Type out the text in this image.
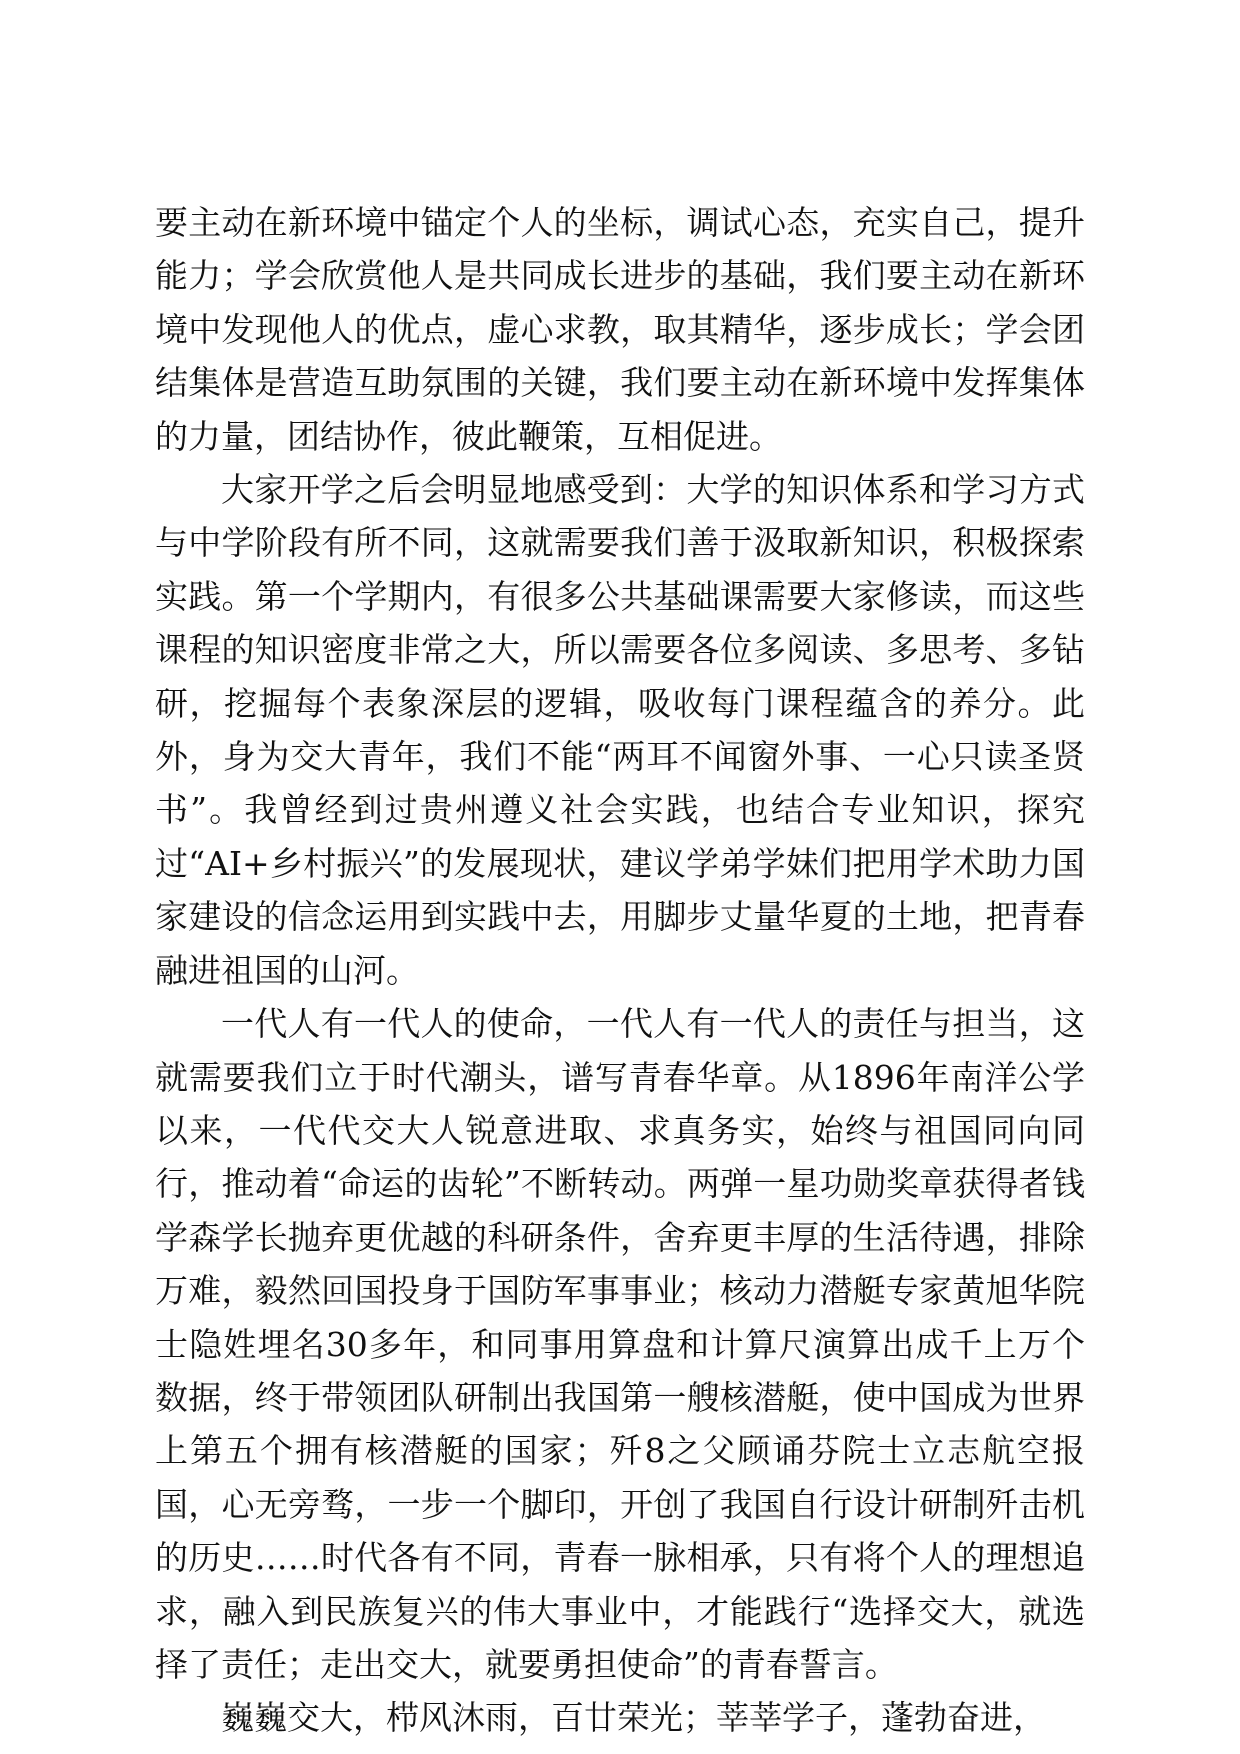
要主动在新环境中锚定个人的坐标，调试心态，充实自己，提升能力；学会欣赏他人是共同成长进步的基础，我们要主动在新环境中发现他人的优点，虚心求教，取其精华，逐步成长；学会团结集体是营造互助氛围的关键，我们要主动在新环境中发挥集体的力量，团结协作，彼此鞭策，互相促进。

大家开学之后会明显地感受到：大学的知识体系和学习方式与中学阶段有所不同，这就需要我们善于汲取新知识，积极探索实践。第一个学期内，有很多公共基础课需要大家修读，而这些课程的知识密度非常之大，所以需要各位多阅读、多思考、多钻研，挖掘每个表象深层的逻辑，吸收每门课程蕴含的养分。此外，身为交大青年，我们不能“两耳不闻窗外事、一心只读圣贤书”。我曾经到过贵州遵义社会实践，也结合专业知识，探究过“AI+乡村振兴”的发展现状，建议学弟学妹们把用学术助力国家建设的信念运用到实践中去，用脚步丈量华夏的土地，把青春融进祖国的山河。

一代人有一代人的使命，一代人有一代人的责任与担当，这就需要我们立于时代潮头，谱写青春华章。从1896年南洋公学以来，一代代交大人锐意进取、求真务实，始终与祖国同向同行，推动着“命运的齿轮”不断转动。两弹一星功勋奖章获得者钱学森学长抛弃更优越的科研条件，舍弃更丰厚的生活待遇，排除万难，毅然回国投身于国防军事事业；核动力潜艇专家黄旭华院士隐姓埋名30多年，和同事用算盘和计算尺演算出成千上万个数据，终于带领团队研制出我国第一艘核潜艇，使中国成为世界上第五个拥有核潜艇的国家；歼8之父顾诵芬院士立志航空报国，心无旁骛，一步一个脚印，开创了我国自行设计研制歼击机的历史……时代各有不同，青春一脉相承，只有将个人的理想追求，融入到民族复兴的伟大事业中，才能践行“选择交大，就选择了责任；走出交大，就要勇担使命”的青春誓言。

巍巍交大，栉风沐雨，百廿荣光；莘莘学子，蓬勃奋进，
